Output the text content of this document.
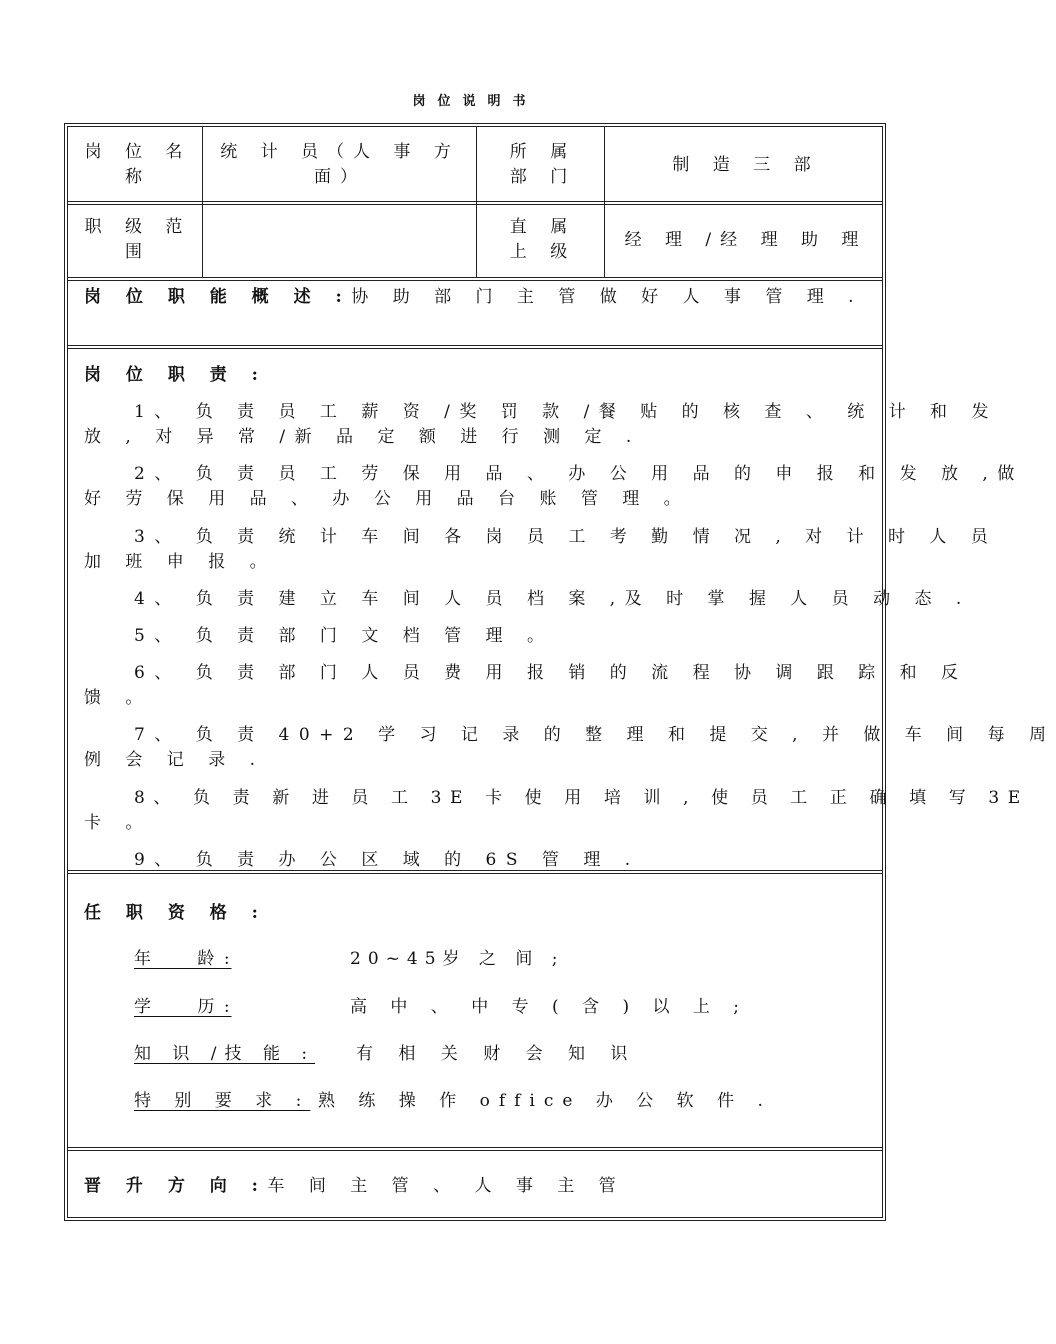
岗位说明书
岗 位 名 称
统 计 员（人 事 方 面）
所 属 部 门
制 造 三 部
职 级 范 围
直 属 上 级
经 理 /经 理 助 理
岗 位 职 能 概 述 :协 助 部 门 主 管 做 好 人 事 管 理 .
岗 位 职 责 :
1、 负 责 员 工 薪 资 /奖 罚 款 /餐 贴 的 核 查 、 统 计 和 发
放 , 对 异 常 /新 品 定 额 进 行 测 定 .
2、 负 责 员 工 劳 保 用 品 、 办 公 用 品 的 申 报 和 发 放 ,做
好 劳 保 用 品 、 办 公 用 品 台 账 管 理 。
3、 负 责 统 计 车 间 各 岗 员 工 考 勤 情 况 , 对 计 时 人 员
加 班 申 报 。
4、 负 责 建 立 车 间 人 员 档 案 ,及 时 掌 握 人 员 动 态 .
5、 负 责 部 门 文 档 管 理 。
6、 负 责 部 门 人 员 费 用 报 销 的 流 程 协 调 跟 踪 和 反
馈 。
7、 负 责 40+2 学 习 记 录 的 整 理 和 提 交 , 并 做 车 间 每 周
例 会 记 录 .
8、 负 责 新 进 员 工 3E 卡 使 用 培 训 , 使 员 工 正 确 填 写 3E
卡 。
9、 负 责 办 公 区 域 的 6S 管 理 .
任 职 资 格 :
年      龄 :	20~45岁 之 间 ;
学      历 :	高 中 、 中 专 ( 含 ) 以 上 ;
知 识 /技 能 : 有 相 关 财 会 知 识
特 别 要 求 : 熟 练 操 作 office 办 公 软 件 .
晋 升 方 向 :车 间 主 管 、 人 事 主 管
